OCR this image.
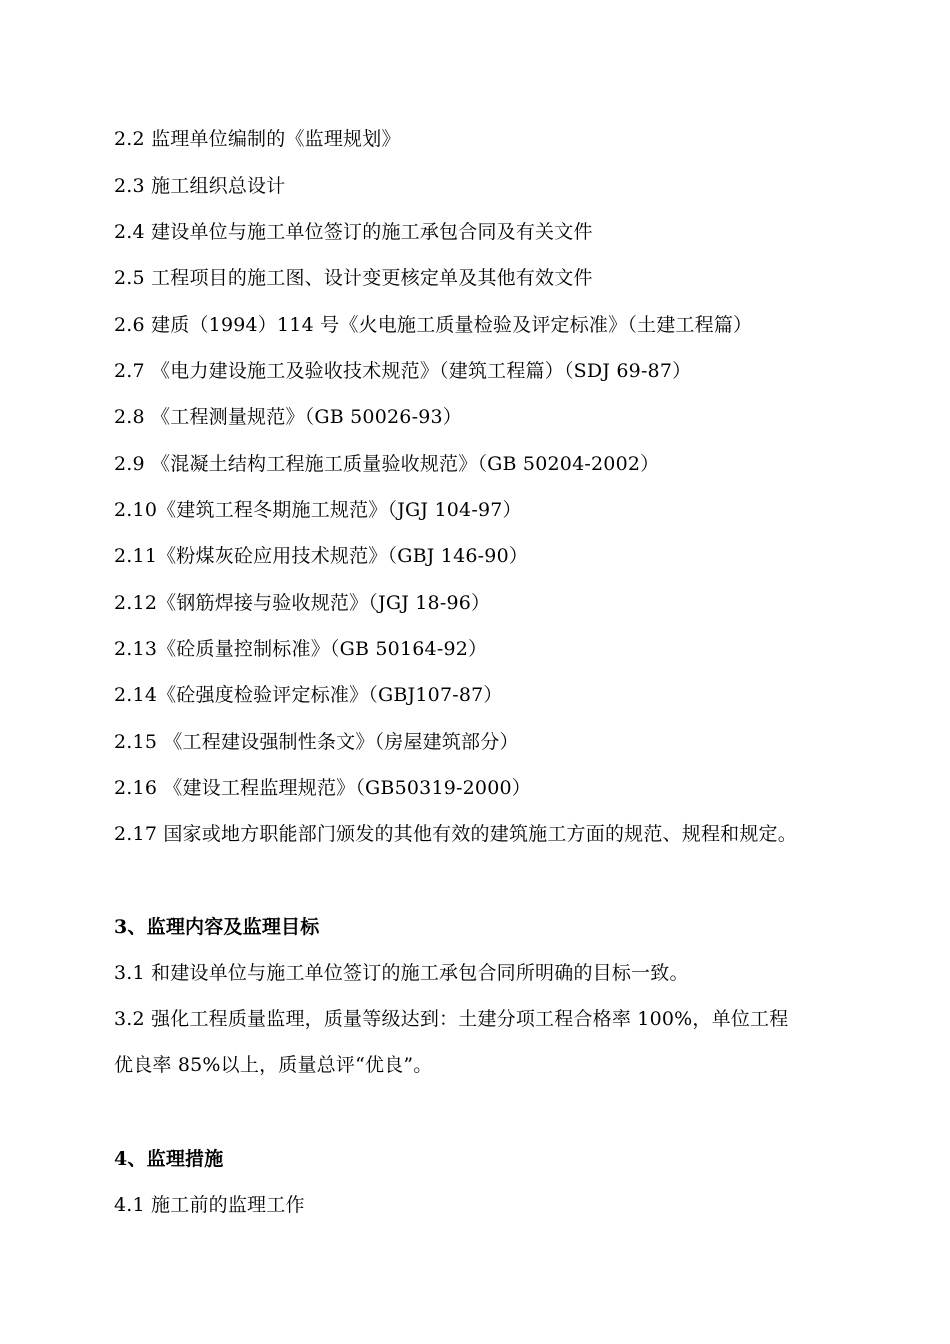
2.2 监理单位编制的《监理规划》
2.3 施工组织总设计
2.4 建设单位与施工单位签订的施工承包合同及有关文件
2.5 工程项目的施工图、设计变更核定单及其他有效文件
2.6 建质（1994）114 号《火电施工质量检验及评定标准》（土建工程篇）
2.7 《电力建设施工及验收技术规范》（建筑工程篇）（SDJ 69-87）
2.8 《工程测量规范》（GB 50026-93）
2.9 《混凝土结构工程施工质量验收规范》（GB 50204-2002）
2.10《建筑工程冬期施工规范》（JGJ 104-97）
2.11《粉煤灰砼应用技术规范》（GBJ 146-90）
2.12《钢筋焊接与验收规范》（JGJ 18-96）
2.13《砼质量控制标准》（GB 50164-92）
2.14《砼强度检验评定标准》（GBJ107-87）
2.15 《工程建设强制性条文》（房屋建筑部分）
2.16 《建设工程监理规范》（GB50319-2000）
2.17 国家或地方职能部门颁发的其他有效的建筑施工方面的规范、规程和规定。
3、监理内容及监理目标
3.1 和建设单位与施工单位签订的施工承包合同所明确的目标一致。
3.2 强化工程质量监理，质量等级达到：土建分项工程合格率 100%，单位工程
优良率 85%以上，质量总评“优良”。
4、监理措施
4.1 施工前的监理工作
